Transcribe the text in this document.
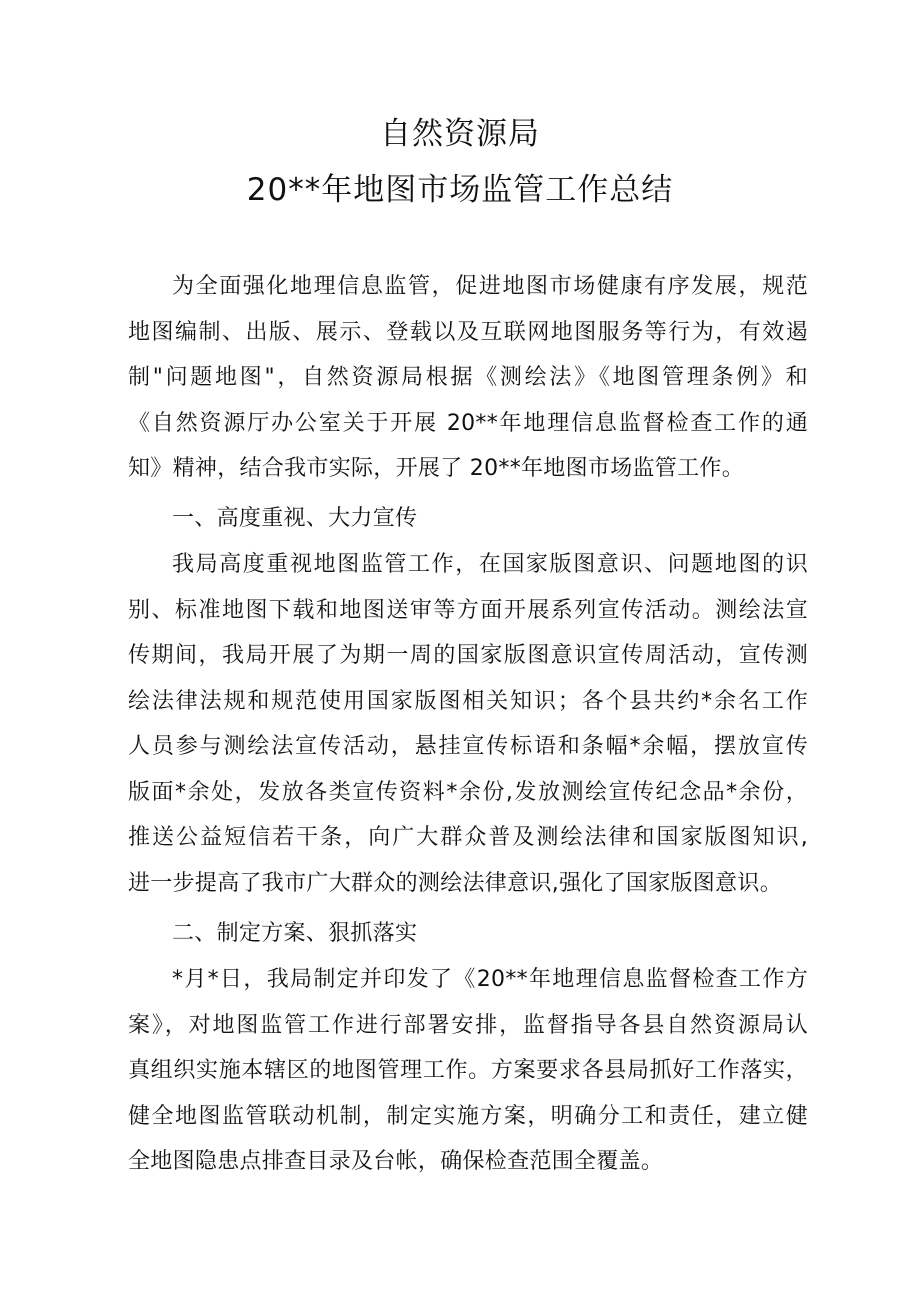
自然资源局
20**年地图市场监管工作总结
为全面强化地理信息监管，促进地图市场健康有序发展，规范
地图编制、出版、展示、登载以及互联网地图服务等行为，有效遏
制"问题地图"，自然资源局根据《测绘法》《地图管理条例》和
《自然资源厅办公室关于开展 20**年地理信息监督检查工作的通
知》精神，结合我市实际，开展了 20**年地图市场监管工作。
一、高度重视、大力宣传
我局高度重视地图监管工作，在国家版图意识、问题地图的识
别、标准地图下载和地图送审等方面开展系列宣传活动。测绘法宣
传期间，我局开展了为期一周的国家版图意识宣传周活动，宣传测
绘法律法规和规范使用国家版图相关知识；各个县共约*余名工作
人员参与测绘法宣传活动，悬挂宣传标语和条幅*余幅，摆放宣传
版面*余处，发放各类宣传资料*余份,发放测绘宣传纪念品*余份，
推送公益短信若干条，向广大群众普及测绘法律和国家版图知识,
进一步提高了我市广大群众的测绘法律意识,强化了国家版图意识。
二、制定方案、狠抓落实
*月*日，我局制定并印发了《20**年地理信息监督检查工作方
案》，对地图监管工作进行部署安排，监督指导各县自然资源局认
真组织实施本辖区的地图管理工作。方案要求各县局抓好工作落实，
健全地图监管联动机制，制定实施方案，明确分工和责任，建立健
全地图隐患点排查目录及台帐，确保检查范围全覆盖。
